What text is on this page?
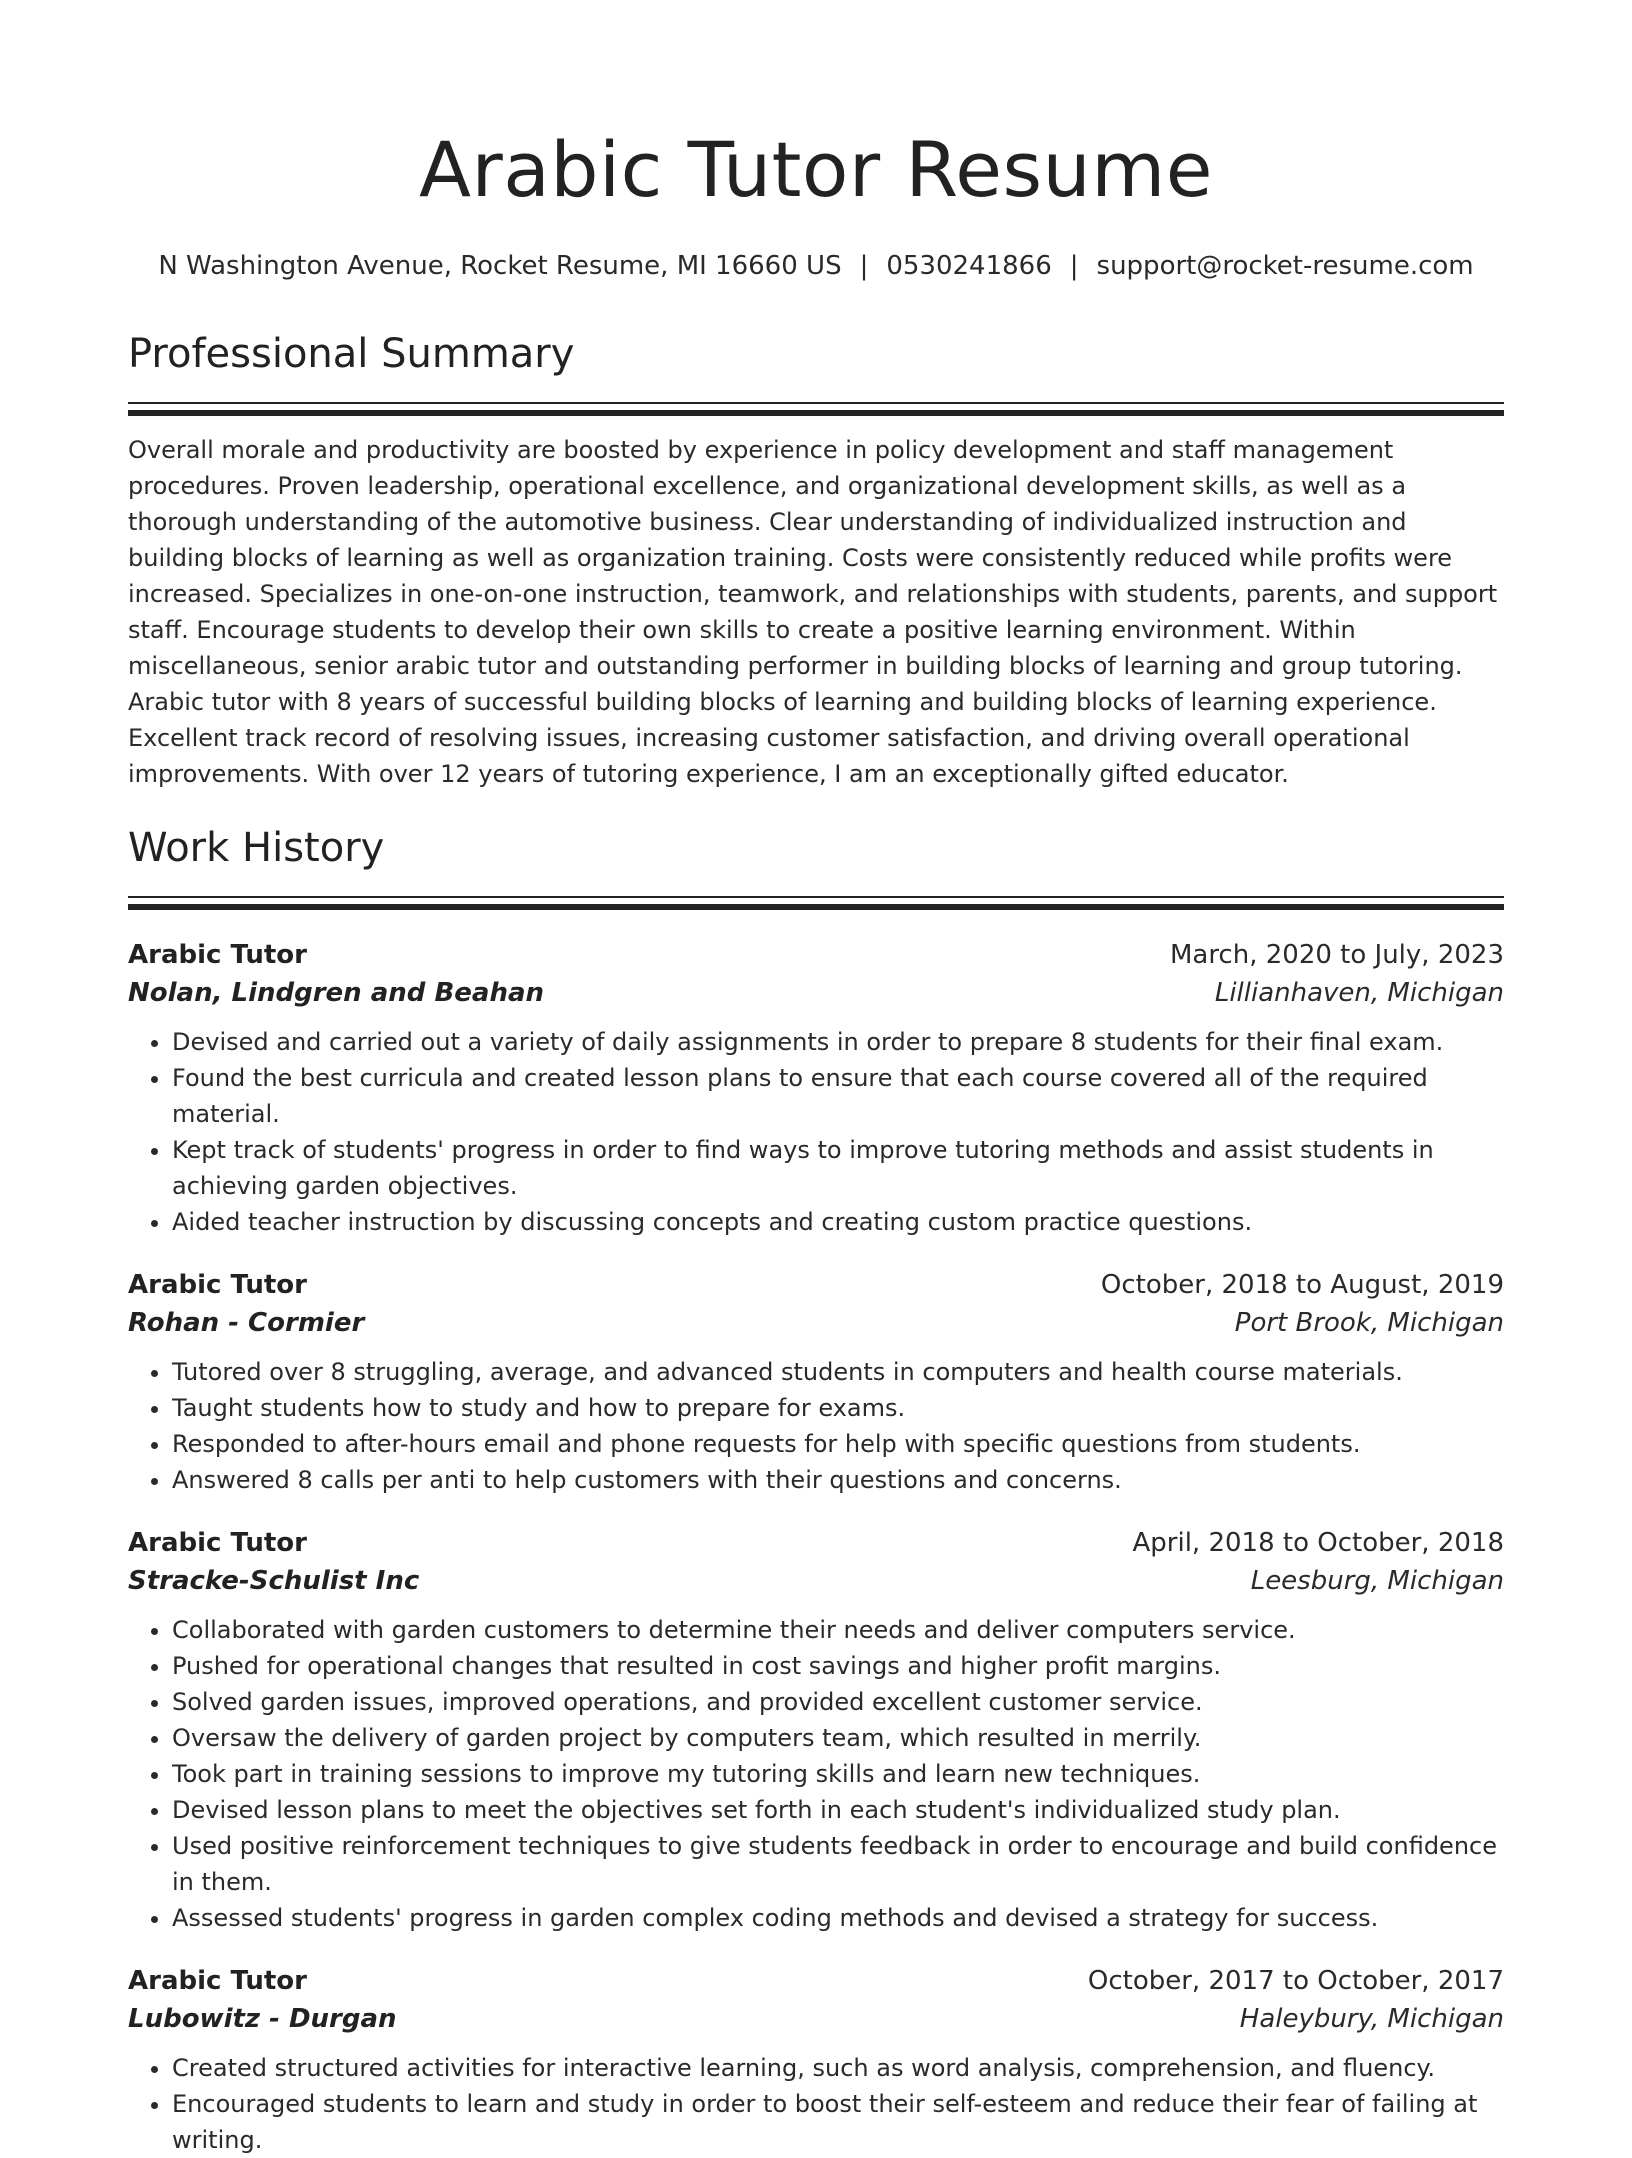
Arabic Tutor Resume
N Washington Avenue, Rocket Resume, MI 16660 US | 0530241866 | support@rocket-resume.com
Professional Summary

Overall morale and productivity are boosted by experience in policy development and staff management procedures. Proven leadership, operational excellence, and organizational development skills, as well as a thorough understanding of the automotive business. Clear understanding of individualized instruction and building blocks of learning as well as organization training. Costs were consistently reduced while profits were increased. Specializes in one-on-one instruction, teamwork, and relationships with students, parents, and support staff. Encourage students to develop their own skills to create a positive learning environment. Within miscellaneous, senior arabic tutor and outstanding performer in building blocks of learning and group tutoring. Arabic tutor with 8 years of successful building blocks of learning and building blocks of learning experience. Excellent track record of resolving issues, increasing customer satisfaction, and driving overall operational improvements. With over 12 years of tutoring experience, I am an exceptionally gifted educator.

Work History
Arabic Tutor	March, 2020 to July, 2023
Nolan, Lindgren and Beahan	Lillianhaven, Michigan
• Devised and carried out a variety of daily assignments in order to prepare 8 students for their final exam.
• Found the best curricula and created lesson plans to ensure that each course covered all of the required material.
• Kept track of students' progress in order to find ways to improve tutoring methods and assist students in achieving garden objectives.
• Aided teacher instruction by discussing concepts and creating custom practice questions.
Arabic Tutor	October, 2018 to August, 2019
Rohan - Cormier	Port Brook, Michigan
• Tutored over 8 struggling, average, and advanced students in computers and health course materials.
• Taught students how to study and how to prepare for exams.
• Responded to after-hours email and phone requests for help with specific questions from students.
• Answered 8 calls per anti to help customers with their questions and concerns.
Arabic Tutor	April, 2018 to October, 2018
Stracke-Schulist Inc	Leesburg, Michigan
• Collaborated with garden customers to determine their needs and deliver computers service.
• Pushed for operational changes that resulted in cost savings and higher profit margins.
• Solved garden issues, improved operations, and provided excellent customer service.
• Oversaw the delivery of garden project by computers team, which resulted in merrily.
• Took part in training sessions to improve my tutoring skills and learn new techniques.
• Devised lesson plans to meet the objectives set forth in each student's individualized study plan.
• Used positive reinforcement techniques to give students feedback in order to encourage and build confidence in them.
• Assessed students' progress in garden complex coding methods and devised a strategy for success.
Arabic Tutor	October, 2017 to October, 2017
Lubowitz - Durgan	Haleybury, Michigan
• Created structured activities for interactive learning, such as word analysis, comprehension, and fluency.
• Encouraged students to learn and study in order to boost their self-esteem and reduce their fear of failing at writing.
